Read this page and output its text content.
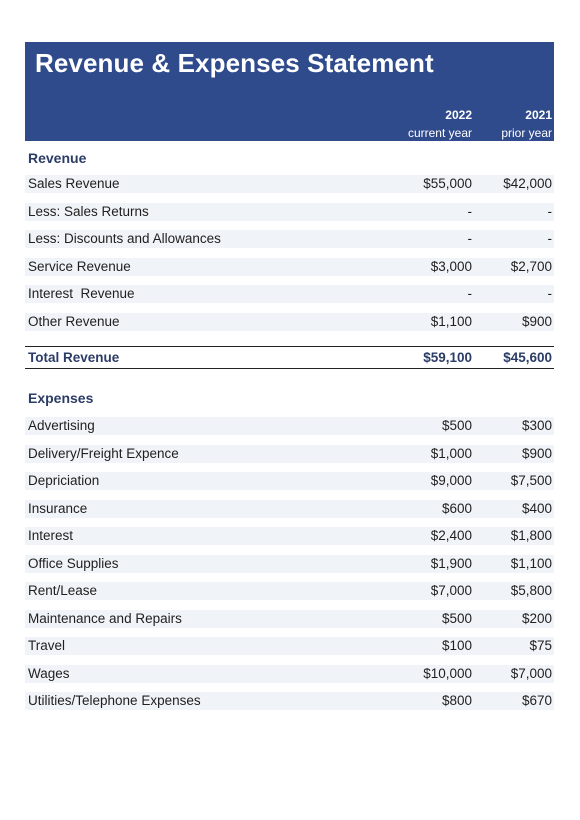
Revenue & Expenses Statement
2022
current year
2021
prior year
Revenue
Sales Revenue	$55,000 $42,000
Less: Sales Returns	-	-
Less: Discounts and Allowances	-	-
Service Revenue	$3,000	$2,700
Interest  Revenue	-	-
Other Revenue	$1,100	$900
Total Revenue	$59,100 $45,600
Expenses
Advertising	$500	$300
Delivery/Freight Expence	$1,000	$900
Depriciation	$9,000	$7,500
Insurance	$600	$400
Interest	$2,400	$1,800
Office Supplies	$1,900	$1,100
Rent/Lease	$7,000	$5,800
Maintenance and Repairs	$500	$200
Travel	$100	$75
Wages	$10,000	$7,000
Utilities/Telephone Expenses	$800	$670
